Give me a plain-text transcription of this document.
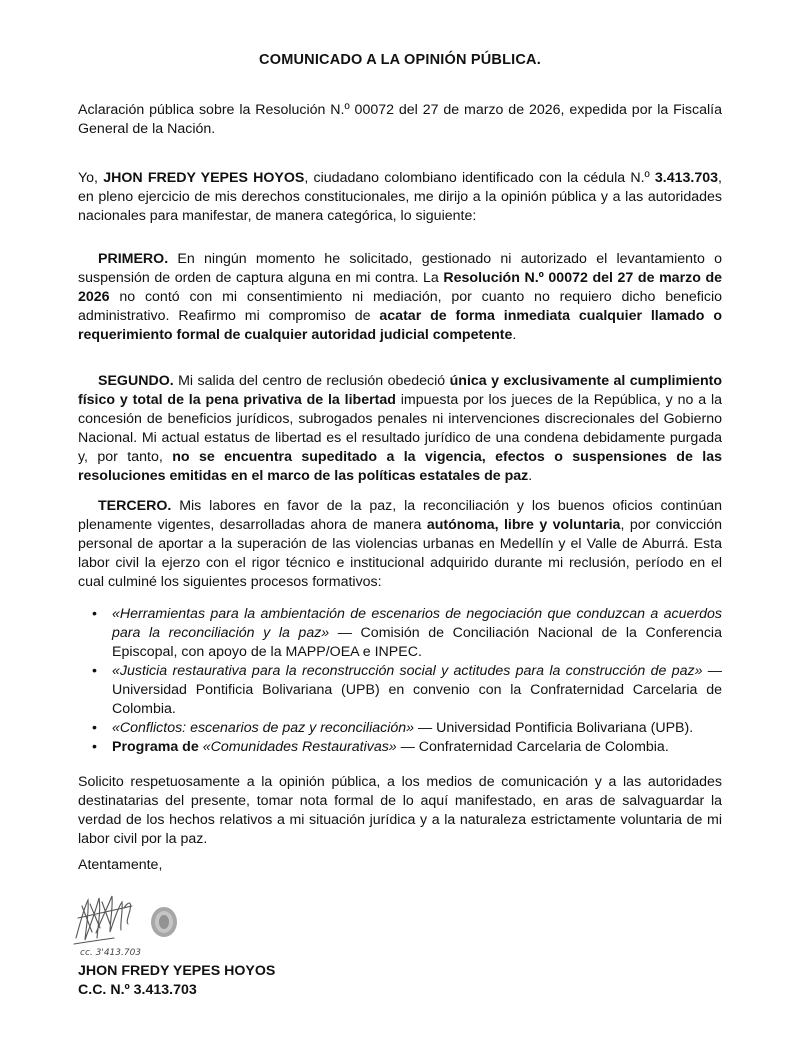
COMUNICADO A LA OPINIÓN PÚBLICA.

Aclaración pública sobre la Resolución N.º 00072 del 27 de marzo de 2026, expedida por la Fiscalía General de la Nación.

Yo, JHON FREDY YEPES HOYOS, ciudadano colombiano identificado con la cédula N.º 3.413.703, en pleno ejercicio de mis derechos constitucionales, me dirijo a la opinión pública y a las autoridades nacionales para manifestar, de manera categórica, lo siguiente:

PRIMERO. En ningún momento he solicitado, gestionado ni autorizado el levantamiento o suspensión de orden de captura alguna en mi contra. La Resolución N.º 00072 del 27 de marzo de 2026 no contó con mi consentimiento ni mediación, por cuanto no requiero dicho beneficio administrativo. Reafirmo mi compromiso de acatar de forma inmediata cualquier llamado o requerimiento formal de cualquier autoridad judicial competente.

SEGUNDO. Mi salida del centro de reclusión obedeció única y exclusivamente al cumplimiento físico y total de la pena privativa de la libertad impuesta por los jueces de la República, y no a la concesión de beneficios jurídicos, subrogados penales ni intervenciones discrecionales del Gobierno Nacional. Mi actual estatus de libertad es el resultado jurídico de una condena debidamente purgada y, por tanto, no se encuentra supeditado a la vigencia, efectos o suspensiones de las resoluciones emitidas en el marco de las políticas estatales de paz.

TERCERO. Mis labores en favor de la paz, la reconciliación y los buenos oficios continúan plenamente vigentes, desarrolladas ahora de manera autónoma, libre y voluntaria, por convicción personal de aportar a la superación de las violencias urbanas en Medellín y el Valle de Aburrá. Esta labor civil la ejerzo con el rigor técnico e institucional adquirido durante mi reclusión, período en el cual culminé los siguientes procesos formativos:

• «Herramientas para la ambientación de escenarios de negociación que conduzcan a acuerdos para la reconciliación y la paz» — Comisión de Conciliación Nacional de la Conferencia Episcopal, con apoyo de la MAPP/OEA e INPEC.
• «Justicia restaurativa para la reconstrucción social y actitudes para la construcción de paz» — Universidad Pontificia Bolivariana (UPB) en convenio con la Confraternidad Carcelaria de Colombia.
• «Conflictos: escenarios de paz y reconciliación» — Universidad Pontificia Bolivariana (UPB).
• Programa de «Comunidades Restaurativas» — Confraternidad Carcelaria de Colombia.

Solicito respetuosamente a la opinión pública, a los medios de comunicación y a las autoridades destinatarias del presente, tomar nota formal de lo aquí manifestado, en aras de salvaguardar la verdad de los hechos relativos a mi situación jurídica y a la naturaleza estrictamente voluntaria de mi labor civil por la paz.

Atentamente,
cc. 3'413.703
JHON FREDY YEPES HOYOS
C.C. N.º 3.413.703
